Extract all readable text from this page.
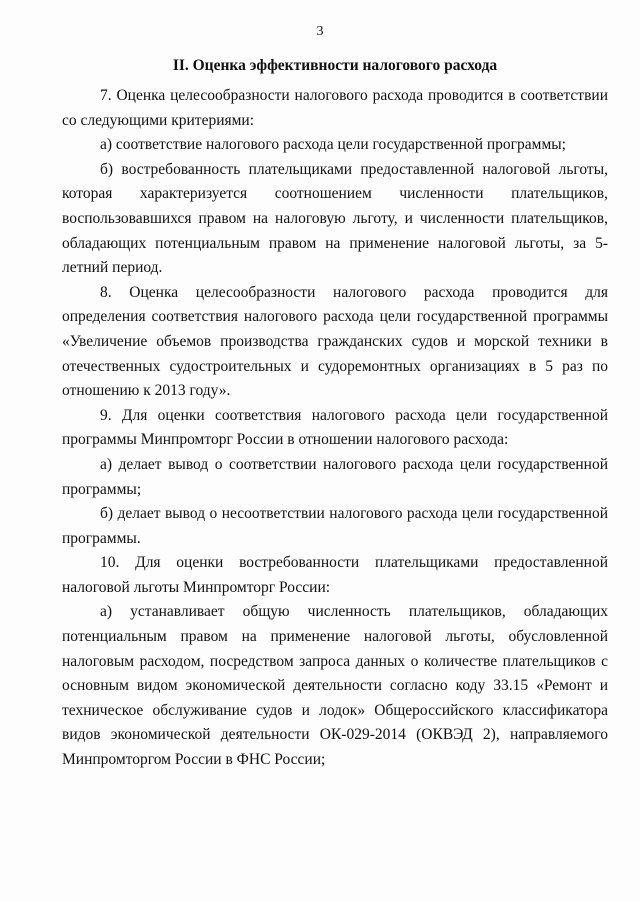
3
II. Оценка эффективности налогового расхода

7. Оценка целесообразности налогового расхода проводится в соответствии со следующими критериями:

а) соответствие налогового расхода цели государственной программы;

б) востребованность плательщиками предоставленной налоговой льготы, которая характеризуется соотношением численности плательщиков, воспользовавшихся правом на налоговую льготу, и численности плательщиков, обладающих потенциальным правом на применение налоговой льготы, за 5-летний период.

8. Оценка целесообразности налогового расхода проводится для определения соответствия налогового расхода цели государственной программы «Увеличение объемов производства гражданских судов и морской техники в отечественных судостроительных и судоремонтных организациях в 5 раз по отношению к 2013 году».

9. Для оценки соответствия налогового расхода цели государственной программы Минпромторг России в отношении налогового расхода:

а) делает вывод о соответствии налогового расхода цели государственной программы;

б) делает вывод о несоответствии налогового расхода цели государственной программы.

10. Для оценки востребованности плательщиками предоставленной налоговой льготы Минпромторг России:

а) устанавливает общую численность плательщиков, обладающих потенциальным правом на применение налоговой льготы, обусловленной налоговым расходом, посредством запроса данных о количестве плательщиков с основным видом экономической деятельности согласно коду 33.15 «Ремонт и техническое обслуживание судов и лодок» Общероссийского классификатора видов экономической деятельности ОК-029-2014 (ОКВЭД 2), направляемого Минпромторгом России в ФНС России;
